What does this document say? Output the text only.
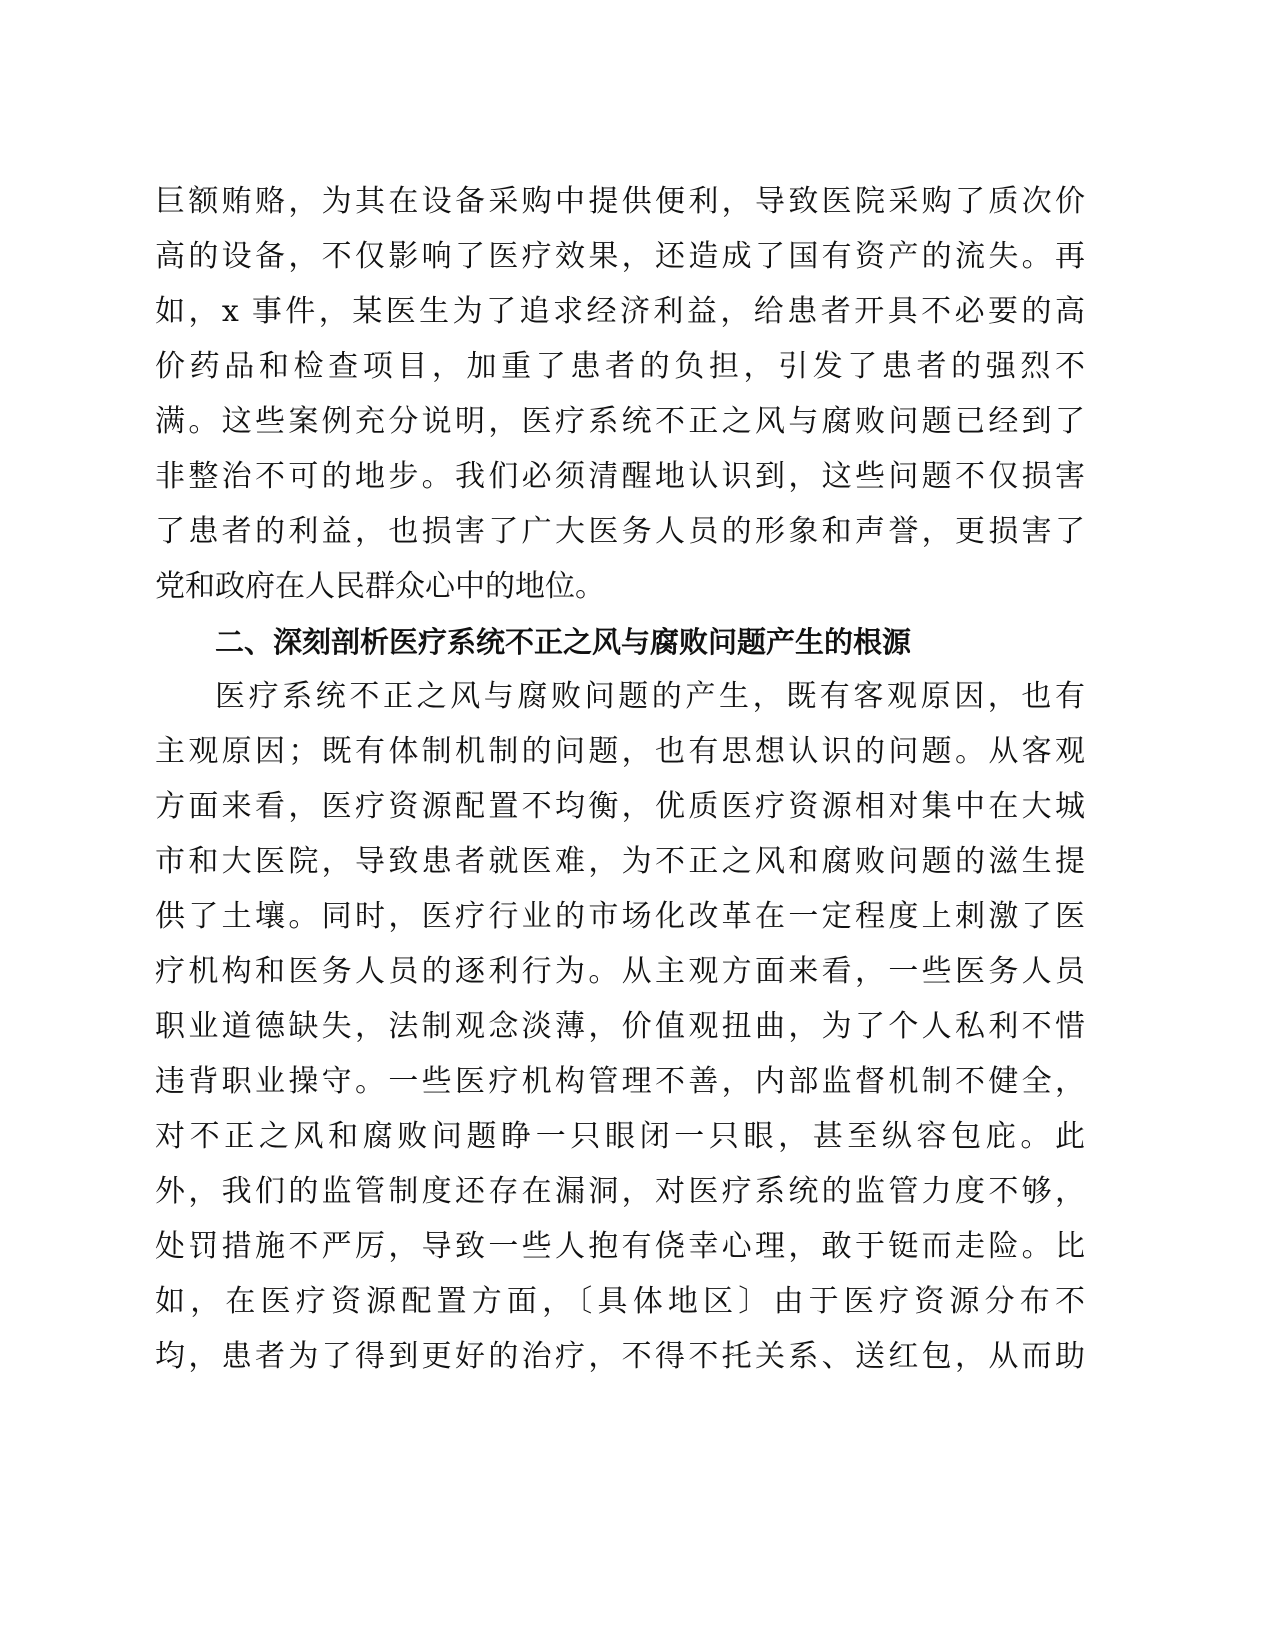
巨额贿赂，为其在设备采购中提供便利，导致医院采购了质次价
高的设备，不仅影响了医疗效果，还造成了国有资产的流失。再
如，x 事件，某医生为了追求经济利益，给患者开具不必要的高
价药品和检查项目，加重了患者的负担，引发了患者的强烈不
满。这些案例充分说明，医疗系统不正之风与腐败问题已经到了
非整治不可的地步。我们必须清醒地认识到，这些问题不仅损害
了患者的利益，也损害了广大医务人员的形象和声誉，更损害了
党和政府在人民群众心中的地位。
二、深刻剖析医疗系统不正之风与腐败问题产生的根源
医疗系统不正之风与腐败问题的产生，既有客观原因，也有
主观原因；既有体制机制的问题，也有思想认识的问题。从客观
方面来看，医疗资源配置不均衡，优质医疗资源相对集中在大城
市和大医院，导致患者就医难，为不正之风和腐败问题的滋生提
供了土壤。同时，医疗行业的市场化改革在一定程度上刺激了医
疗机构和医务人员的逐利行为。从主观方面来看，一些医务人员
职业道德缺失，法制观念淡薄，价值观扭曲，为了个人私利不惜
违背职业操守。一些医疗机构管理不善，内部监督机制不健全，
对不正之风和腐败问题睁一只眼闭一只眼，甚至纵容包庇。此
外，我们的监管制度还存在漏洞，对医疗系统的监管力度不够，
处罚措施不严厉，导致一些人抱有侥幸心理，敢于铤而走险。比
如，在医疗资源配置方面，〔具体地区〕由于医疗资源分布不
均，患者为了得到更好的治疗，不得不托关系、送红包，从而助
